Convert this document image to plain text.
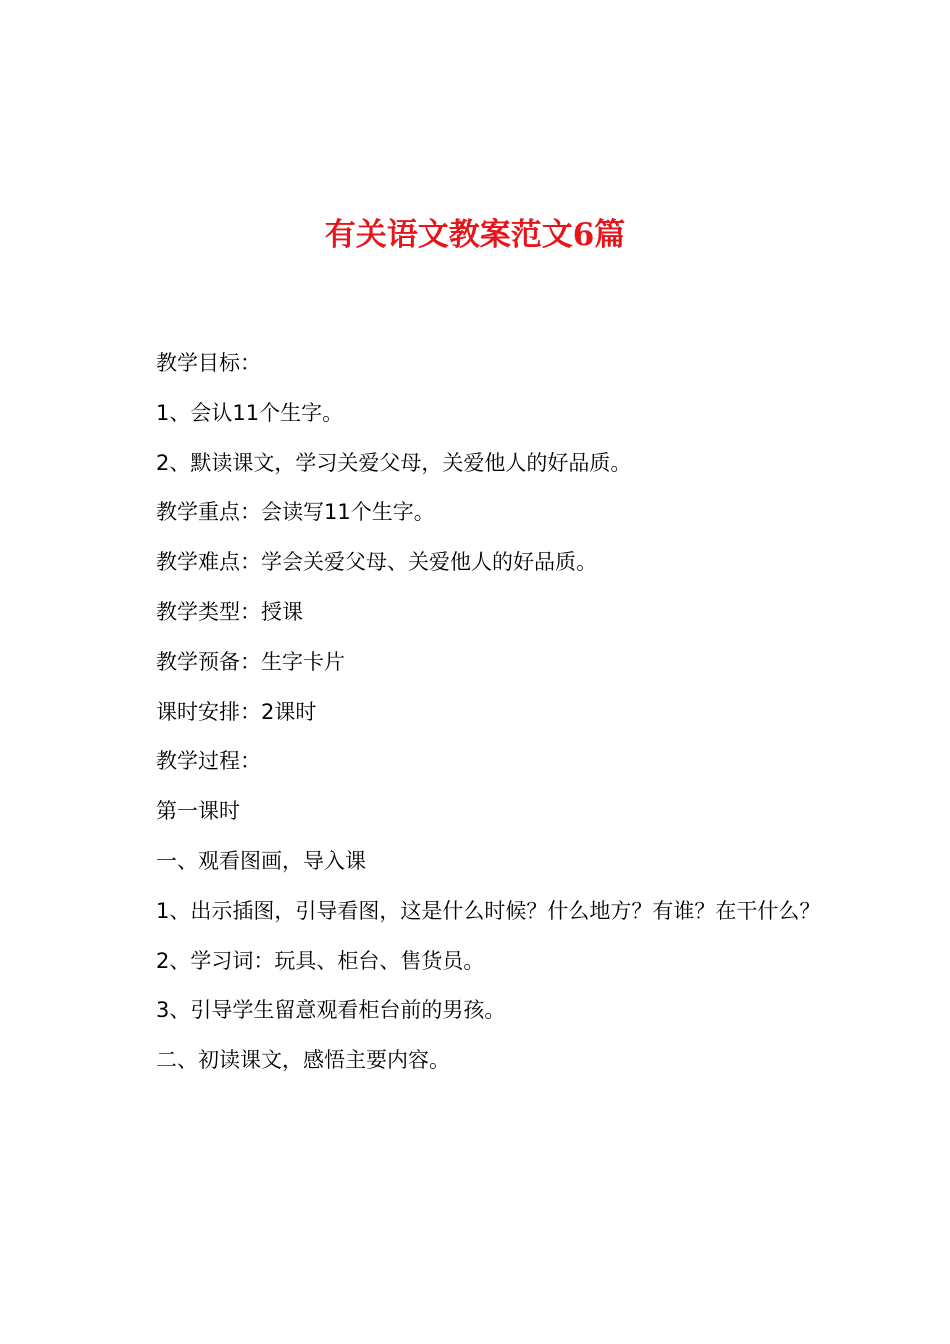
有关语文教案范文6篇

教学目标：

1、会认11个生字。

2、默读课文，学习关爱父母，关爱他人的好品质。

教学重点：会读写11个生字。

教学难点：学会关爱父母、关爱他人的好品质。

教学类型：授课

教学预备：生字卡片

课时安排：2课时

教学过程：

第一课时

一、观看图画，导入课

1、出示插图，引导看图，这是什么时候？什么地方？有谁？在干什么？

2、学习词：玩具、柜台、售货员。

3、引导学生留意观看柜台前的男孩。

二、初读课文，感悟主要内容。
